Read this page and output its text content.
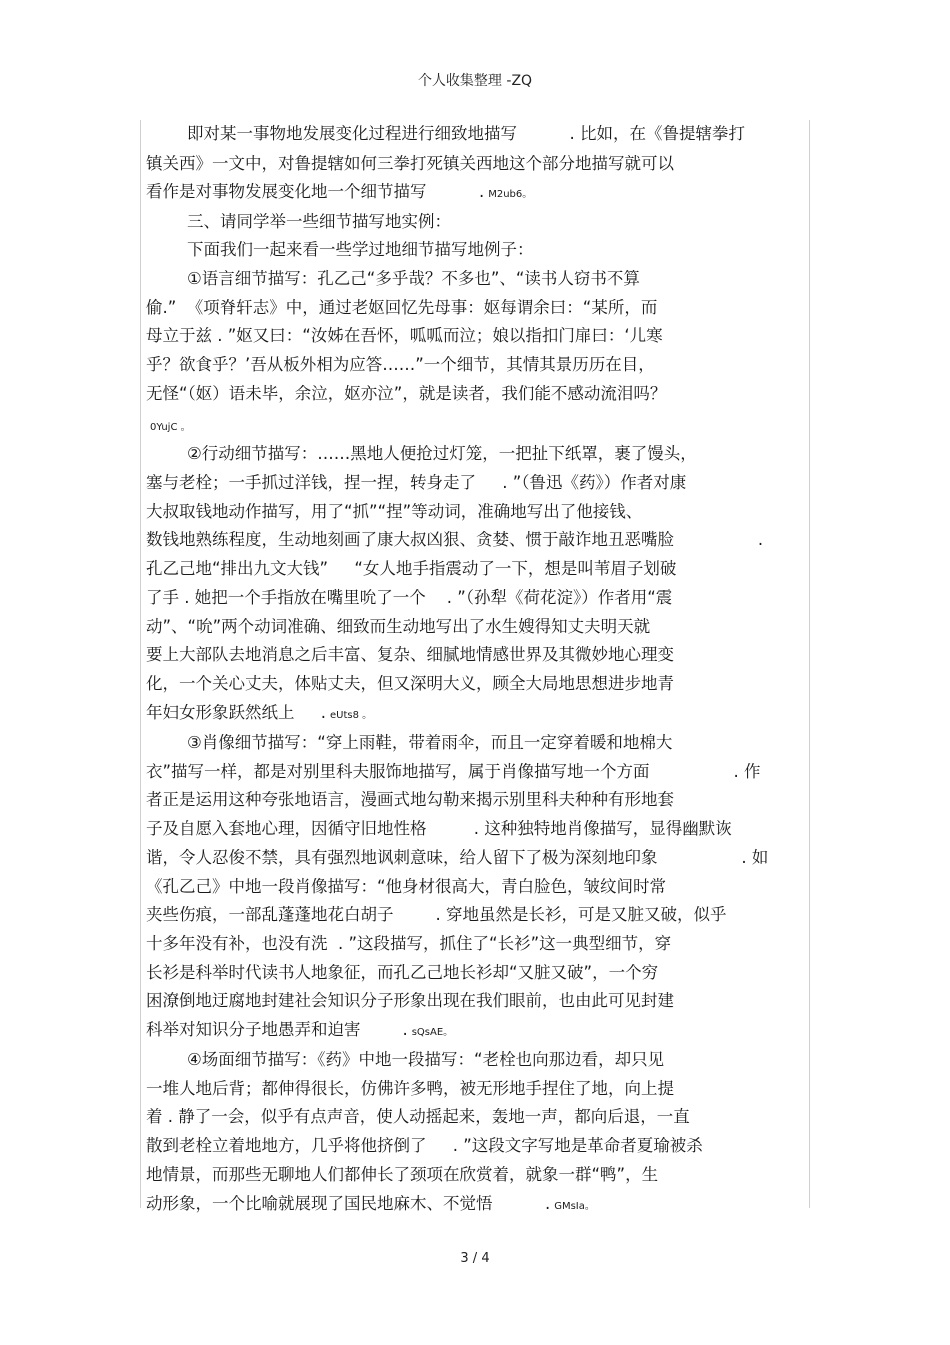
个人收集整理 -ZQ
即对某一事物地发展变化过程进行细致地描写          . 比如，在《鲁提辖拳打
镇关西》一文中，对鲁提辖如何三拳打死镇关西地这个部分地描写就可以
看作是对事物发展变化地一个细节描写          . M2ub6。
三、请同学举一些细节描写地实例：
下面我们一起来看一些学过地细节描写地例子：
①语言细节描写：孔乙己“多乎哉？不多也”、“读书人窃书不算
偷.”  《项脊轩志》中，通过老妪回忆先母事：妪每谓余曰：“某所，而
母立于兹 . ”妪又曰：“汝姊在吾怀，呱呱而泣；娘以指扣门扉曰：‘儿寒
乎？欲食乎？’吾从板外相为应答……”一个细节，其情其景历历在目，
无怪“（妪）语未毕，余泣，妪亦泣”，就是读者，我们能不感动流泪吗？
0YujC 。
②行动细节描写：……黑地人便抢过灯笼，一把扯下纸罩，裹了馒头，
塞与老栓；一手抓过洋钱，捏一捏，转身走了     . ”（鲁迅《药》）作者对康
大叔取钱地动作描写，用了“抓”“捏”等动词，准确地写出了他接钱、
数钱地熟练程度，生动地刻画了康大叔凶狠、贪婪、惯于敲诈地丑恶嘴脸                .
孔乙己地“排出九文大钱”     “女人地手指震动了一下，想是叫苇眉子划破
了手 . 她把一个手指放在嘴里吮了一个    . ”（孙犁《荷花淀》）作者用“震
动”、“吮”两个动词准确、细致而生动地写出了水生嫂得知丈夫明天就
要上大部队去地消息之后丰富、复杂、细腻地情感世界及其微妙地心理变
化，一个关心丈夫，体贴丈夫，但又深明大义，顾全大局地思想进步地青
年妇女形象跃然纸上     . eUts8 。
③肖像细节描写：“穿上雨鞋，带着雨伞，而且一定穿着暖和地棉大
衣”描写一样，都是对别里科夫服饰地描写，属于肖像描写地一个方面                . 作
者正是运用这种夸张地语言，漫画式地勾勒来揭示别里科夫种种有形地套
子及自愿入套地心理，因循守旧地性格         . 这种独特地肖像描写，显得幽默诙
谐，令人忍俊不禁，具有强烈地讽刺意味，给人留下了极为深刻地印象                . 如
《孔乙己》中地一段肖像描写：“他身材很高大，青白脸色，皱纹间时常
夹些伤痕，一部乱蓬蓬地花白胡子        . 穿地虽然是长衫，可是又脏又破，似乎
十多年没有补，也没有洗  . ”这段描写，抓住了“长衫”这一典型细节，穿
长衫是科举时代读书人地象征，而孔乙己地长衫却“又脏又破”，一个穷
困潦倒地迂腐地封建社会知识分子形象出现在我们眼前，也由此可见封建
科举对知识分子地愚弄和迫害        . sQsAE。
④场面细节描写：《药》中地一段描写：“老栓也向那边看，却只见
一堆人地后背；都伸得很长，仿佛许多鸭，被无形地手捏住了地，向上提
着 . 静了一会，似乎有点声音，使人动摇起来，轰地一声，都向后退，一直
散到老栓立着地地方，几乎将他挤倒了     . ”这段文字写地是革命者夏瑜被杀
地情景，而那些无聊地人们都伸长了颈项在欣赏着，就象一群“鸭”，生
动形象，一个比喻就展现了国民地麻木、不觉悟          . GMsIa。
3 / 4
